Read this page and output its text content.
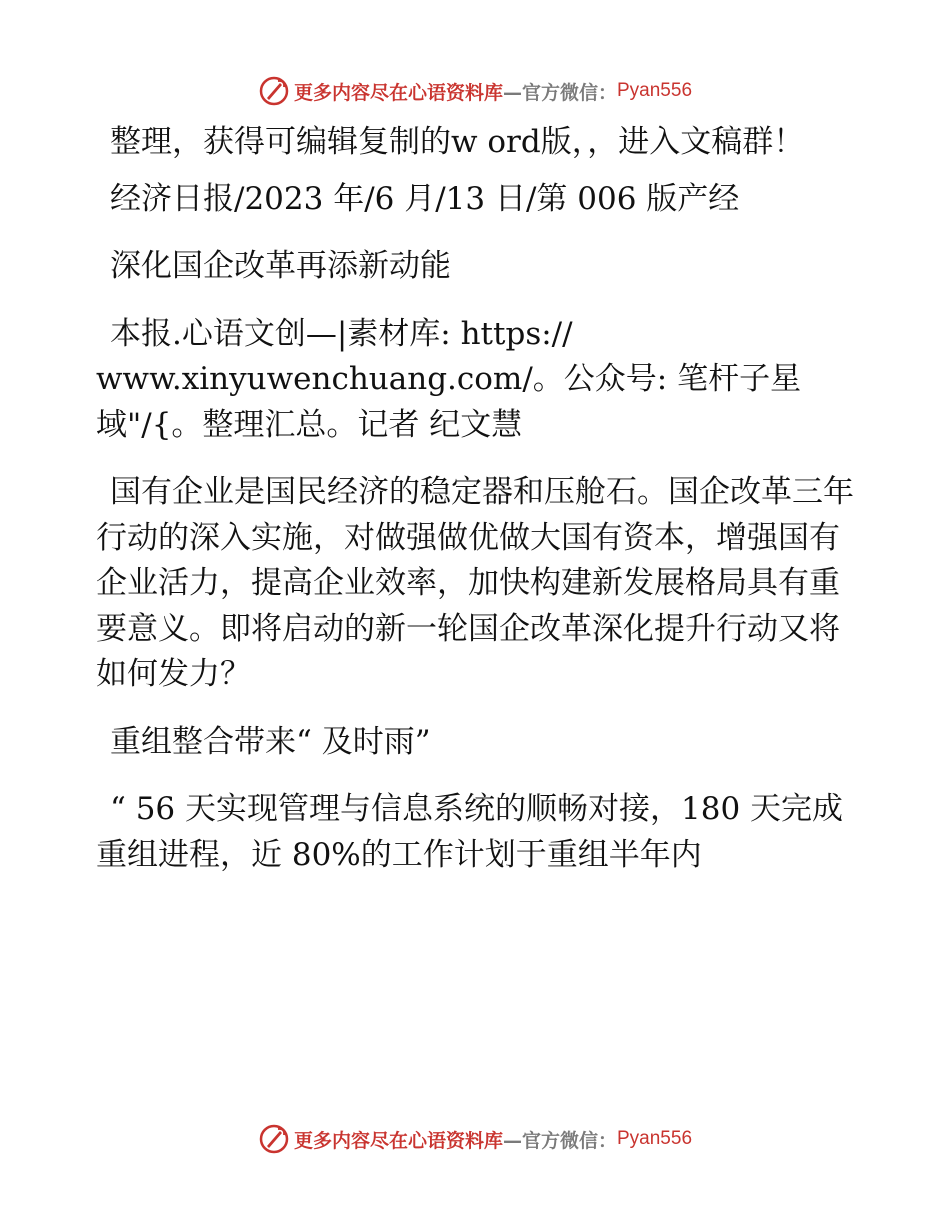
更多内容尽在心语资料库 —官方微信： Pyan556

整理，获得可编辑复制的w ord版，，进入文稿群！

经济日报/2023 年/6 月/13 日/第 006 版产经

深化国企改革再添新动能

本报.心语文创—|素材库: https:// www.xinyuwenchuang.com/。公众号: 笔杆子星域"/{。整理汇总。记者 纪文慧

国有企业是国民经济的稳定器和压舱石。国企改革三年行动的深入实施，对做强做优做大国有资本，增强国有企业活力，提高企业效率，加快构建新发展格局具有重要意义。即将启动的新一轮国企改革深化提升行动又将如何发力？

重组整合带来“ 及时雨”

“ 56 天实现管理与信息系统的顺畅对接，180 天完成重组进程，近 80%的工作计划于重组半年内

更多内容尽在心语资料库 —官方微信： Pyan556
